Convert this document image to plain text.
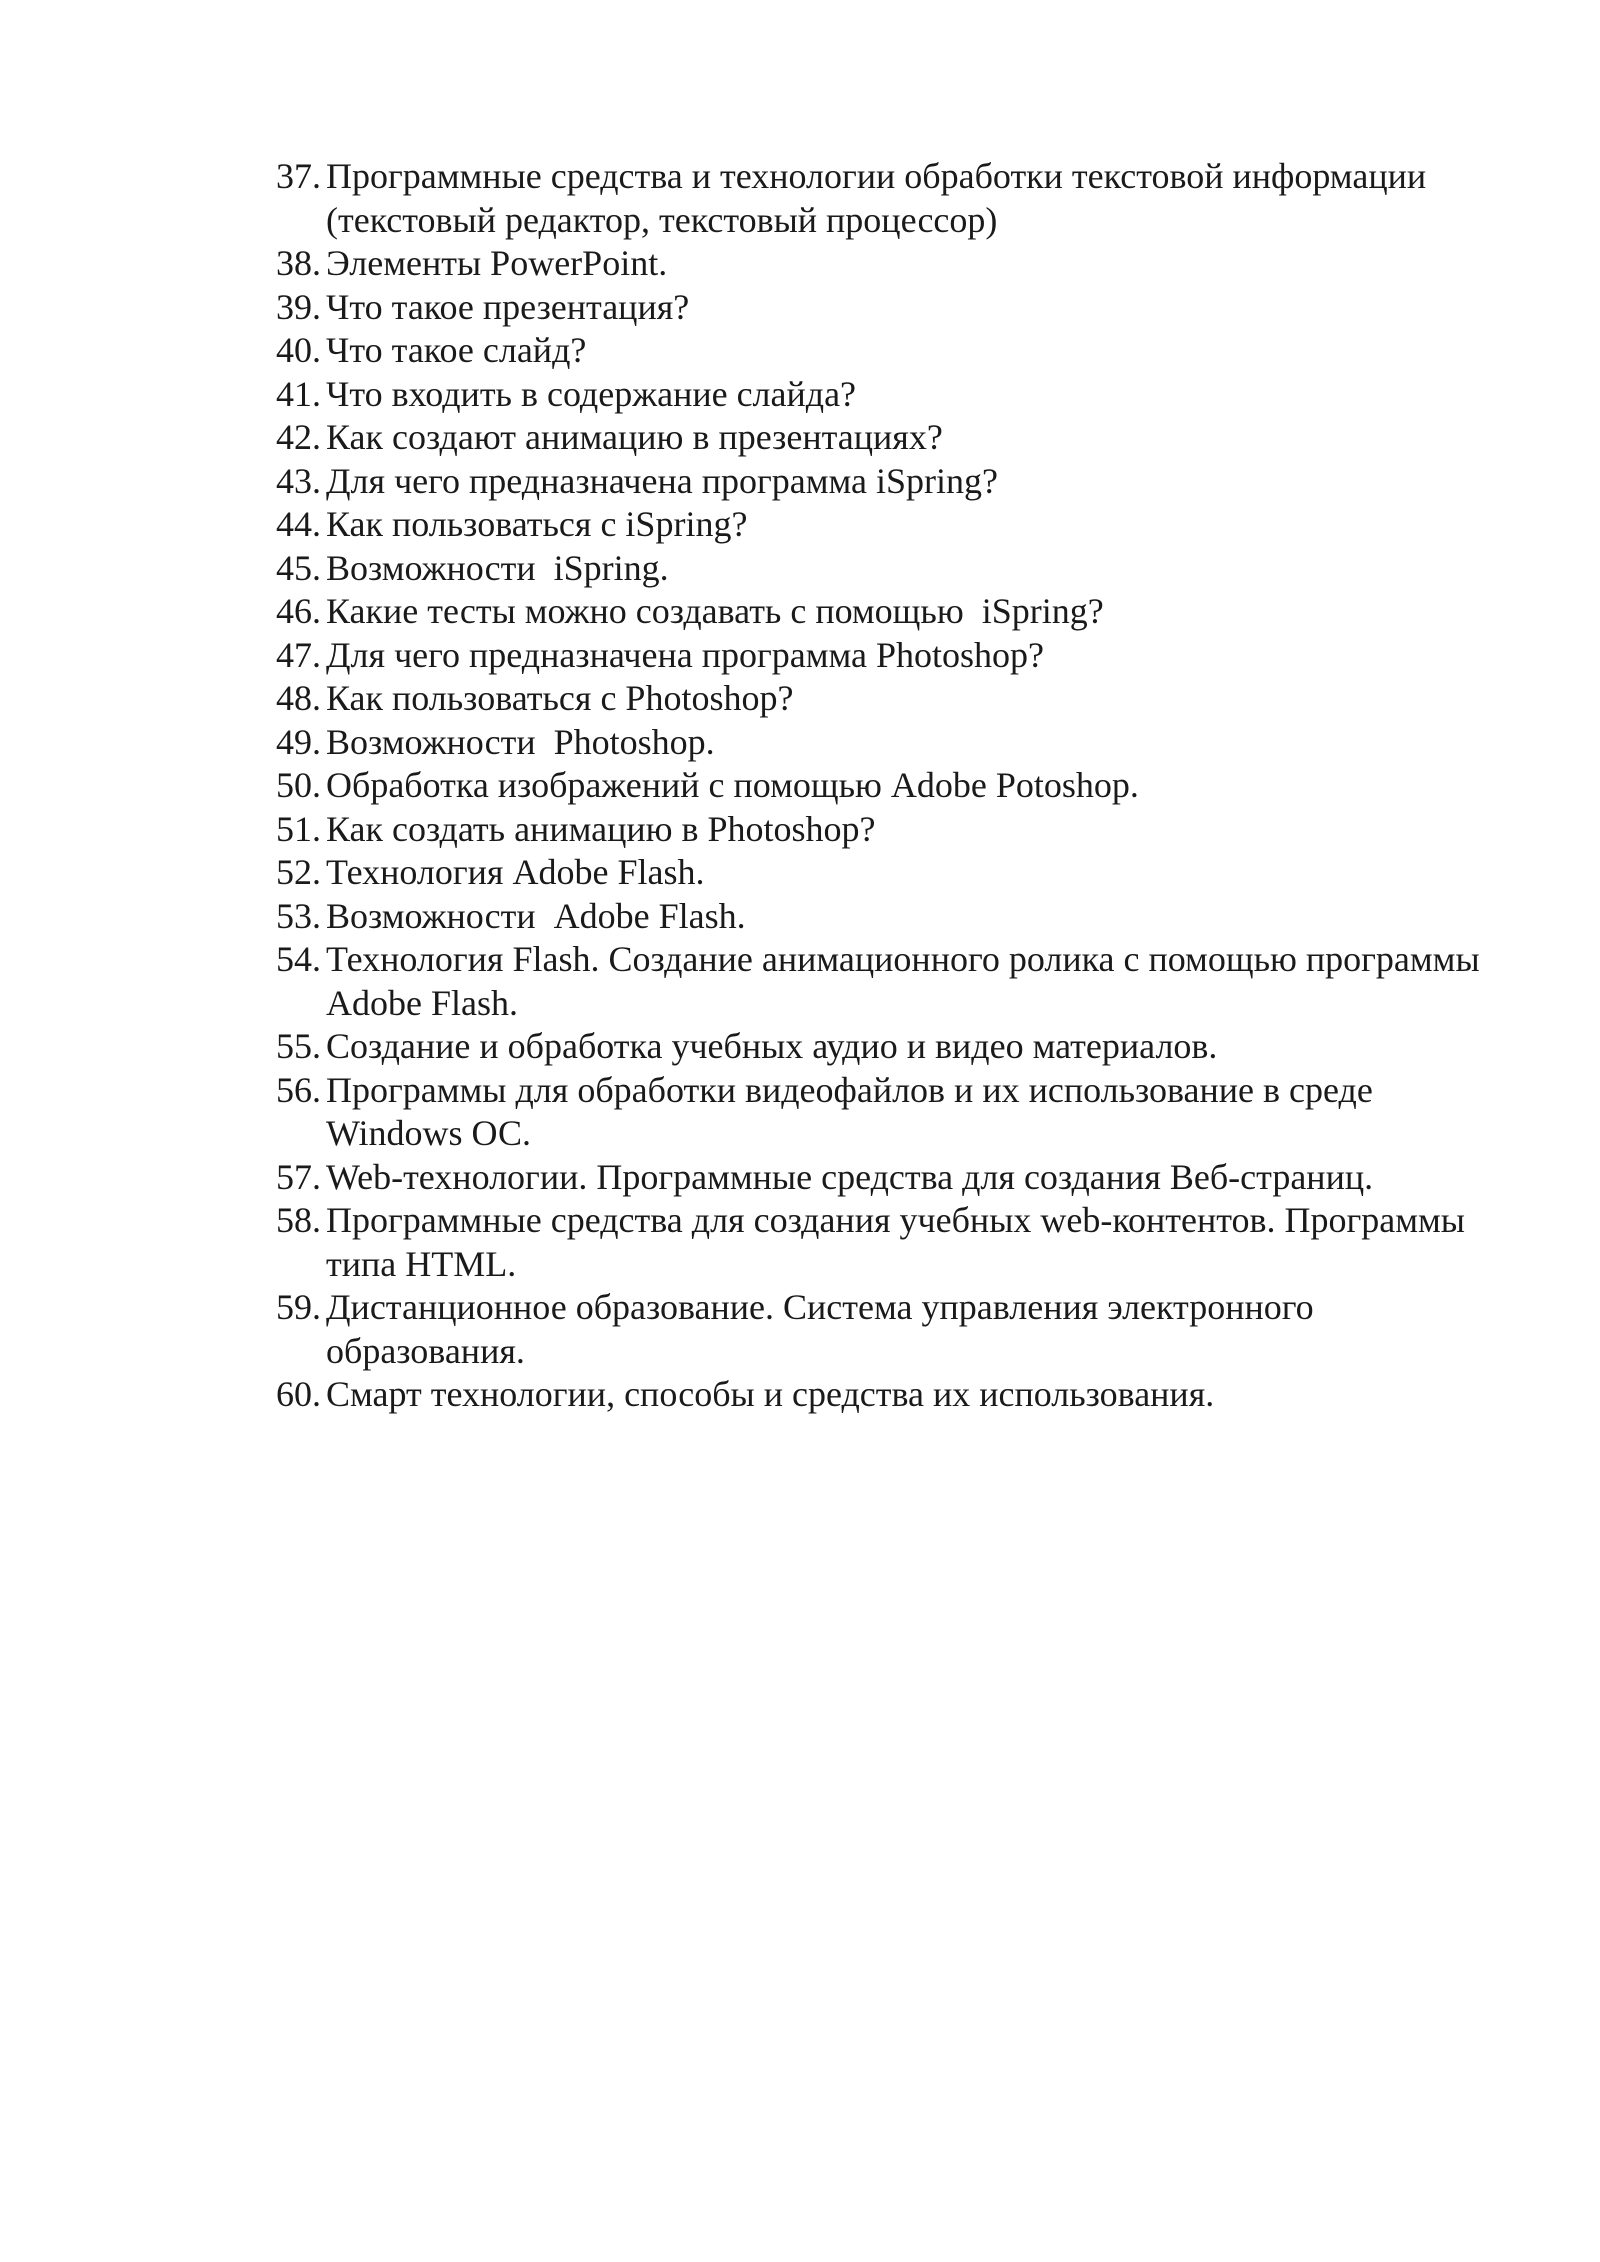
37. Программные средства и технологии обработки текстовой информации (текстовый редактор, текстовый процессор)
38. Элементы PowerPoint.
39. Что такое презентация?
40. Что такое слайд?
41. Что входить в содержание слайда?
42. Как создают анимацию в презентациях?
43. Для чего предназначена программа iSpring?
44. Как пользоваться с iSpring?
45. Возможности  iSpring.
46. Какие тесты можно создавать с помощью  iSpring?
47. Для чего предназначена программа Photoshop?
48. Как пользоваться с Photoshop?
49. Возможности  Photoshop.
50. Обработка изображений с помощью Adobe Potoshop.
51. Как создать анимацию в Photoshop?
52. Технология Adobe Flash.
53. Возможности  Adobe Flash.
54. Технология Flash. Создание анимационного ролика с помощью программы Adobe Flash.
55. Создание и обработка учебных аудио и видео материалов.
56. Программы для обработки видеофайлов и их использование в среде Windows ОС.
57. Web-технологии. Программные средства для создания Веб-страниц.
58. Программные средства для создания учебных web-контентов. Программы типа HTML.
59. Дистанционное образование. Система управления электронного образования.
60. Смарт технологии, способы и средства их использования.
